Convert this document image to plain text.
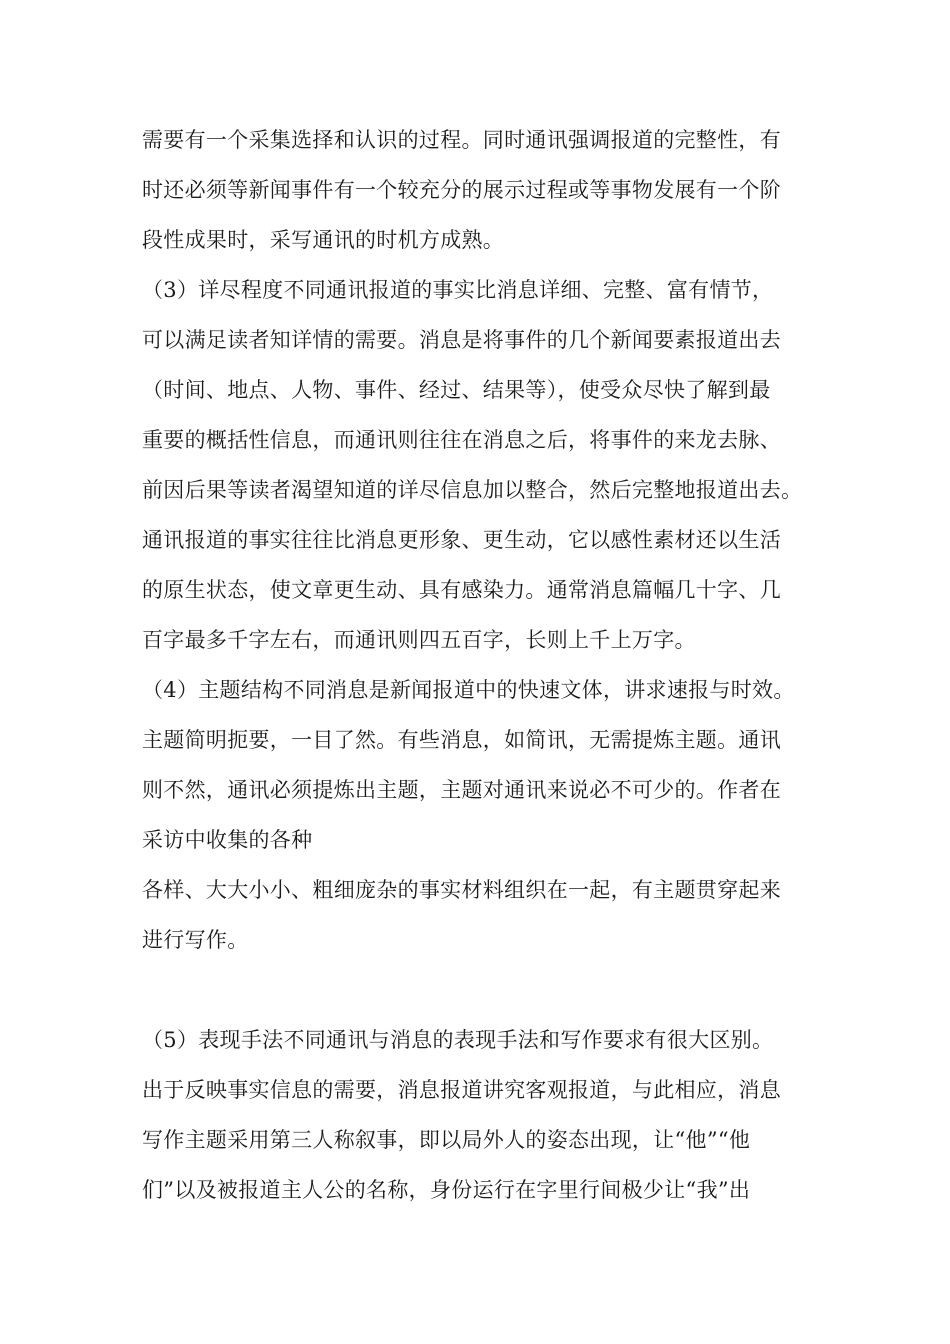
需要有一个采集选择和认识的过程。同时通讯强调报道的完整性，有
时还必须等新闻事件有一个较充分的展示过程或等事物发展有一个阶
段性成果时，采写通讯的时机方成熟。
（3）详尽程度不同通讯报道的事实比消息详细、完整、富有情节，
可以满足读者知详情的需要。消息是将事件的几个新闻要素报道出去
（时间、地点、人物、事件、经过、结果等），使受众尽快了解到最
重要的概括性信息，而通讯则往往在消息之后，将事件的来龙去脉、
前因后果等读者渴望知道的详尽信息加以整合，然后完整地报道出去。
通讯报道的事实往往比消息更形象、更生动，它以感性素材还以生活
的原生状态，使文章更生动、具有感染力。通常消息篇幅几十字、几
百字最多千字左右，而通讯则四五百字，长则上千上万字。
（4）主题结构不同消息是新闻报道中的快速文体，讲求速报与时效。
主题简明扼要，一目了然。有些消息，如简讯，无需提炼主题。通讯
则不然，通讯必须提炼出主题，主题对通讯来说必不可少的。作者在
采访中收集的各种
各样、大大小小、粗细庞杂的事实材料组织在一起，有主题贯穿起来
进行写作。
（5）表现手法不同通讯与消息的表现手法和写作要求有很大区别。
出于反映事实信息的需要，消息报道讲究客观报道，与此相应，消息
写作主题采用第三人称叙事，即以局外人的姿态出现，让“他”“他
们”以及被报道主人公的名称，身份运行在字里行间极少让“我”出
